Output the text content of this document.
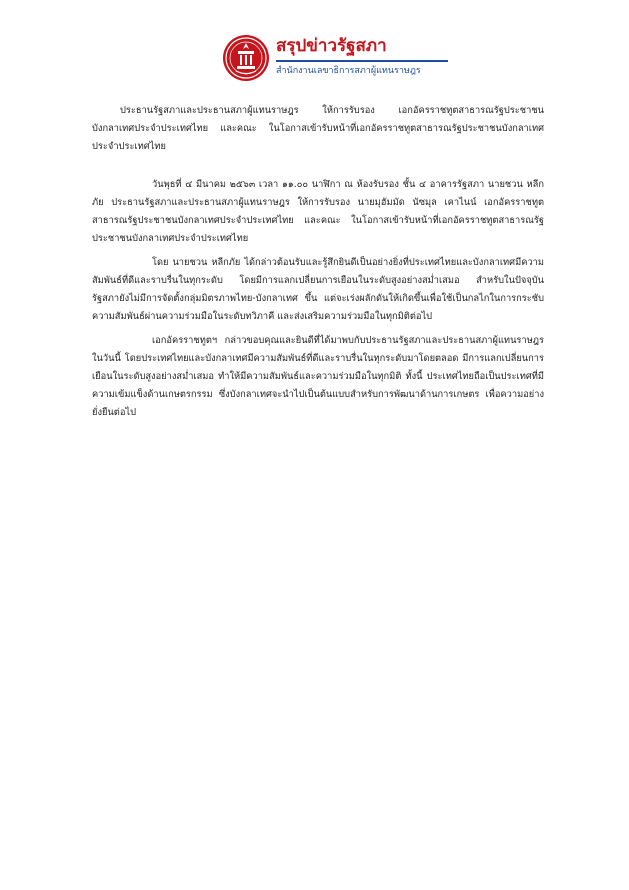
สรุปข่าวรัฐสภา
สำนักงานเลขาธิการสภาผู้แทนราษฎร

ประธานรัฐสภาและประธานสภาผู้แทนราษฎร ให้การรับรอง เอกอัครราชทูตสาธารณรัฐประชาชนบังกลาเทศประจำประเทศไทย และคณะ ในโอกาสเข้ารับหน้าที่เอกอัครราชทูตสาธารณรัฐประชาชนบังกลาเทศประจำประเทศไทย

วันพุธที่ ๔ มีนาคม ๒๕๖๓ เวลา ๑๑.๐๐ นาฬิกา ณ ห้องรับรอง ชั้น ๔ อาคารรัฐสภา นายชวน หลีกภัย ประธานรัฐสภาและประธานสภาผู้แทนราษฎร ให้การรับรอง นายมุฮัมมัด นัซมุล เคาไนน์ เอกอัครราชทูตสาธารณรัฐประชาชนบังกลาเทศประจำประเทศไทย และคณะ ในโอกาสเข้ารับหน้าที่เอกอัครราชทูตสาธารณรัฐประชาชนบังกลาเทศประจำประเทศไทย

โดย นายชวน หลีกภัย ได้กล่าวต้อนรับและรู้สึกยินดีเป็นอย่างยิ่งที่ประเทศไทยและบังกลาเทศมีความสัมพันธ์ที่ดีและราบรื่นในทุกระดับ โดยมีการแลกเปลี่ยนการเยือนในระดับสูงอย่างสม่ำเสมอ สำหรับในปัจจุบัน รัฐสภายังไม่มีการจัดตั้งกลุ่มมิตรภาพไทย-บังกลาเทศ ขึ้น แต่จะเร่งผลักดันให้เกิดขึ้นเพื่อใช้เป็นกลไกในการกระชับความสัมพันธ์ผ่านความร่วมมือในระดับทวิภาคี และส่งเสริมความร่วมมือในทุกมิติต่อไป

เอกอัครราชทูตฯ กล่าวขอบคุณและยินดีที่ได้มาพบกับประธานรัฐสภาและประธานสภาผู้แทนราษฎรในวันนี้ โดยประเทศไทยและบังกลาเทศมีความสัมพันธ์ที่ดีและราบรื่นในทุกระดับมาโดยตลอด มีการแลกเปลี่ยนการเยือนในระดับสูงอย่างสม่ำเสมอ ทำให้มีความสัมพันธ์และความร่วมมือในทุกมิติ ทั้งนี้ ประเทศไทยถือเป็นประเทศที่มีความเข้มแข็งด้านเกษตรกรรม ซึ่งบังกลาเทศจะนำไปเป็นต้นแบบสำหรับการพัฒนาด้านการเกษตร เพื่อความอย่างยั่งยืนต่อไป
